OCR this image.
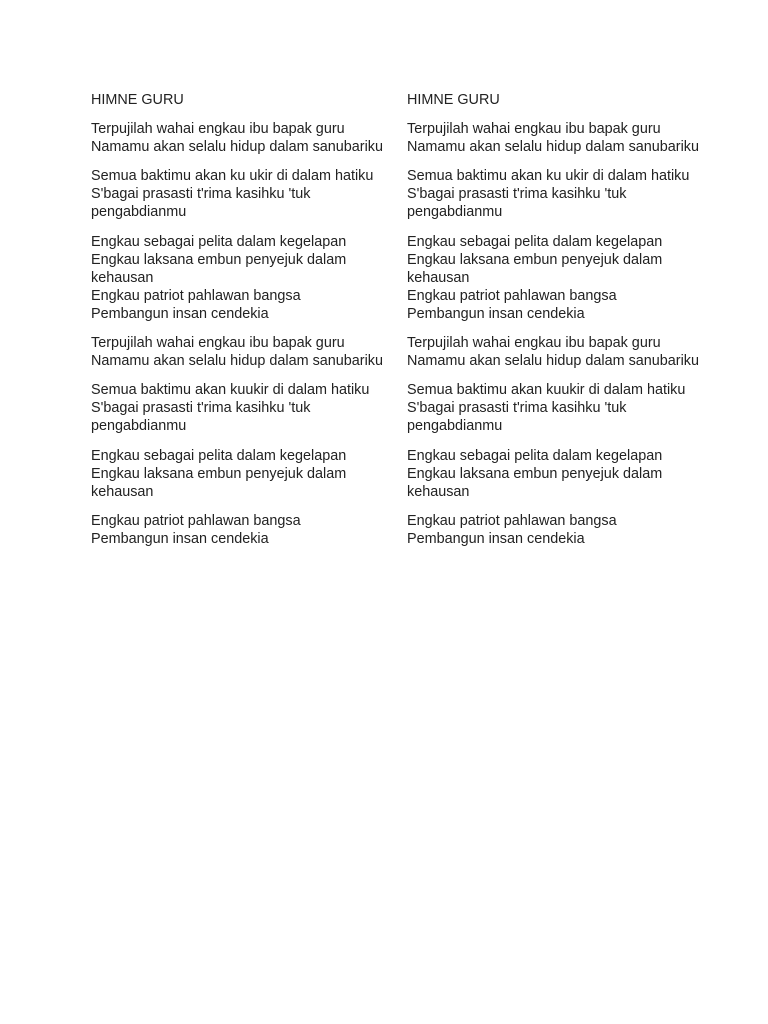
HIMNE GURU
Terpujilah wahai engkau ibu bapak guru
Namamu akan selalu hidup dalam sanubariku
Semua baktimu akan ku ukir di dalam hatiku
S'bagai prasasti t'rima kasihku 'tuk pengabdianmu
Engkau sebagai pelita dalam kegelapan
Engkau laksana embun penyejuk dalam kehausan
Engkau patriot pahlawan bangsa
Pembangun insan cendekia
Terpujilah wahai engkau ibu bapak guru
Namamu akan selalu hidup dalam sanubariku
Semua baktimu akan kuukir di dalam hatiku
S'bagai prasasti t'rima kasihku 'tuk pengabdianmu
Engkau sebagai pelita dalam kegelapan
Engkau laksana embun penyejuk dalam kehausan
Engkau patriot pahlawan bangsa
Pembangun insan cendekia
HIMNE GURU
Terpujilah wahai engkau ibu bapak guru
Namamu akan selalu hidup dalam sanubariku
Semua baktimu akan ku ukir di dalam hatiku
S'bagai prasasti t'rima kasihku 'tuk pengabdianmu
Engkau sebagai pelita dalam kegelapan
Engkau laksana embun penyejuk dalam kehausan
Engkau patriot pahlawan bangsa
Pembangun insan cendekia
Terpujilah wahai engkau ibu bapak guru
Namamu akan selalu hidup dalam sanubariku
Semua baktimu akan kuukir di dalam hatiku
S'bagai prasasti t'rima kasihku 'tuk pengabdianmu
Engkau sebagai pelita dalam kegelapan
Engkau laksana embun penyejuk dalam kehausan
Engkau patriot pahlawan bangsa
Pembangun insan cendekia
